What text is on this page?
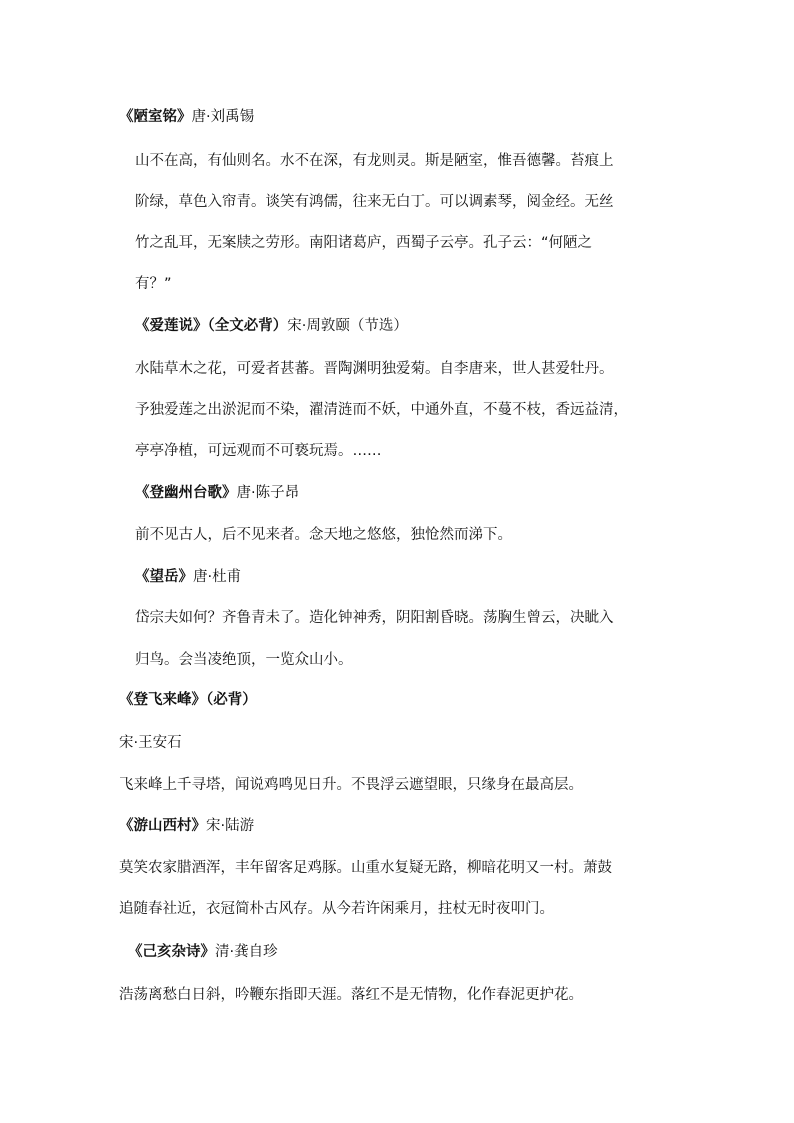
《陋室铭》唐·刘禹锡
山不在高，有仙则名。水不在深，有龙则灵。斯是陋室，惟吾德馨。苔痕上
阶绿，草色入帘青。谈笑有鸿儒，往来无白丁。可以调素琴，阅金经。无丝
竹之乱耳，无案牍之劳形。南阳诸葛庐，西蜀子云亭。孔子云：“何陋之
有？”
《爱莲说》（全文必背）宋·周敦颐（节选）
水陆草木之花，可爱者甚蕃。晋陶渊明独爱菊。自李唐来，世人甚爱牡丹。
予独爱莲之出淤泥而不染，濯清涟而不妖，中通外直，不蔓不枝，香远益清，
亭亭净植，可远观而不可亵玩焉。……
《登幽州台歌》唐·陈子昂
前不见古人，后不见来者。念天地之悠悠，独怆然而涕下。
《望岳》唐·杜甫
岱宗夫如何？齐鲁青未了。造化钟神秀，阴阳割昏晓。荡胸生曾云，决眦入
归鸟。会当凌绝顶，一览众山小。
《登飞来峰》（必背）
宋·王安石
飞来峰上千寻塔，闻说鸡鸣见日升。不畏浮云遮望眼，只缘身在最高层。
《游山西村》宋·陆游
莫笑农家腊酒浑，丰年留客足鸡豚。山重水复疑无路，柳暗花明又一村。萧鼓
追随春社近，衣冠简朴古风存。从今若许闲乘月，拄杖无时夜叩门。
《己亥杂诗》清·龚自珍
浩荡离愁白日斜，吟鞭东指即天涯。落红不是无情物，化作春泥更护花。
